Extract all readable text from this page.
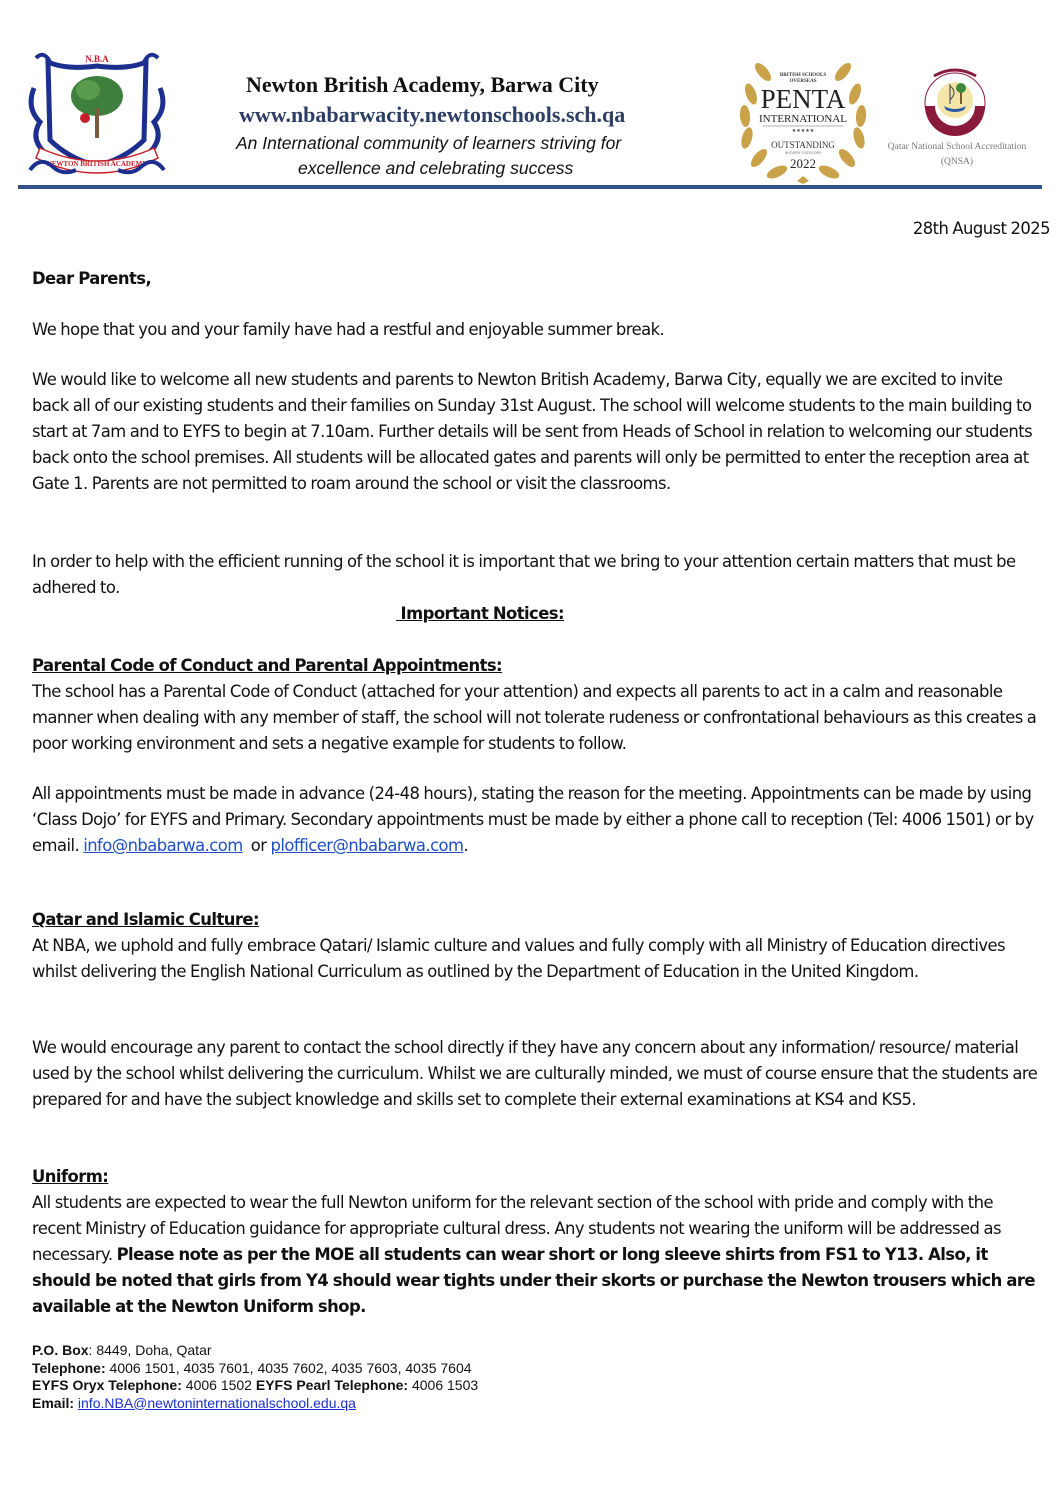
N.B.A
NEWTON BRITISH ACADEMY
Newton British Academy, Barwa City
www.nbabarwacity.newtonschools.sch.qa
An International community of learners striving for
excellence and celebrating success
BRITISH SCHOOLS
OVERSEAS
PENTA
INTERNATIONAL
★★★★★
OUTSTANDING
IN EVERY CATEGORY
2022
Qatar National School Accreditation
(QNSA)
28th August 2025

Dear Parents,

We hope that you and your family have had a restful and enjoyable summer break.

We would like to welcome all new students and parents to Newton British Academy, Barwa City, equally we are excited to invite back all of our existing students and their families on Sunday 31st August. The school will welcome students to the main building to start at 7am and to EYFS to begin at 7.10am. Further details will be sent from Heads of School in relation to welcoming our students back onto the school premises. All students will be allocated gates and parents will only be permitted to enter the reception area at Gate 1. Parents are not permitted to roam around the school or visit the classrooms.

In order to help with the efficient running of the school it is important that we bring to your attention certain matters that must be adhered to.

Important Notices:

Parental Code of Conduct and Parental Appointments:

The school has a Parental Code of Conduct (attached for your attention) and expects all parents to act in a calm and reasonable manner when dealing with any member of staff, the school will not tolerate rudeness or confrontational behaviours as this creates a poor working environment and sets a negative example for students to follow.

All appointments must be made in advance (24-48 hours), stating the reason for the meeting. Appointments can be made by using ‘Class Dojo’ for EYFS and Primary. Secondary appointments must be made by either a phone call to reception (Tel: 4006 1501) or by email. info@nbabarwa.com  or plofficer@nbabarwa.com.

Qatar and Islamic Culture:

At NBA, we uphold and fully embrace Qatari/ Islamic culture and values and fully comply with all Ministry of Education directives whilst delivering the English National Curriculum as outlined by the Department of Education in the United Kingdom.

We would encourage any parent to contact the school directly if they have any concern about any information/ resource/ material used by the school whilst delivering the curriculum. Whilst we are culturally minded, we must of course ensure that the students are prepared for and have the subject knowledge and skills set to complete their external examinations at KS4 and KS5.

Uniform:

All students are expected to wear the full Newton uniform for the relevant section of the school with pride and comply with the recent Ministry of Education guidance for appropriate cultural dress. Any students not wearing the uniform will be addressed as necessary. Please note as per the MOE all students can wear short or long sleeve shirts from FS1 to Y13. Also, it should be noted that girls from Y4 should wear tights under their skorts or purchase the Newton trousers which are available at the Newton Uniform shop.

P.O. Box: 8449, Doha, Qatar
Telephone: 4006 1501, 4035 7601, 4035 7602, 4035 7603, 4035 7604
EYFS Oryx Telephone: 4006 1502 EYFS Pearl Telephone: 4006 1503
Email: info.NBA@newtoninternationalschool.edu.qa
